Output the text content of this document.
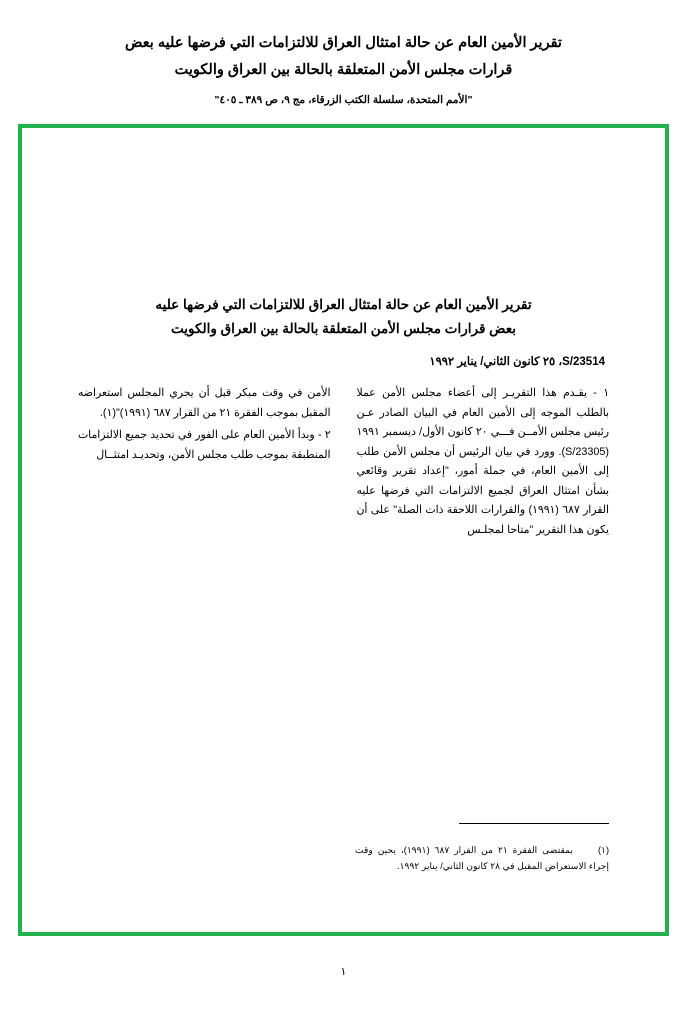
تقرير الأمين العام عن حالة امتثال العراق للالتزامات التي فرضها عليه بعض
قرارات مجلس الأمن المتعلقة بالحالة بين العراق والكويت
"الأمم المتحدة، سلسلة الكتب الزرقاء، مج ٩، ص ٣٨٩ ـ ٤٠٥"
تقرير الأمين العام عن حالة امتثال العراق للالتزامات التي فرضها عليه
بعض قرارات مجلس الأمن المتعلقة بالحالة بين العراق والكويت
S/23514، ٢٥ كانون الثاني/ يناير ١٩٩٢

١ - يقـدم هذا التقريـر إلى أعضاء مجلس الأمن عملا بالطلب الموجه إلى الأمين العام في البيان الصادر عـن رئيس مجلس الأمــن فـــي ٢٠ كانون الأول/ ديسمبر ١٩٩١ (S/23305). وورد في بيان الرئيس أن مجلس الأمن طلب إلى الأمين العام، في جملة أمور، "إعداد تقرير وقائعي بشأن امتثال العراق لجميع الالتزامات التي فرضها عليه القرار ٦٨٧ (١٩٩١) والقرارات اللاحقة ذات الصلة" على أن يكون هذا التقرير "متاحا لمجلـس

الأمن في وقت مبكر قبل أن يجري المجلس استعراضه المقبل بموجب الفقرة ٢١ من القرار ٦٨٧ (١٩٩١)"(١).

٢ - وبدأ الأمين العام على الفور في تحديد جميع الالتزامات المنطبقة بموجب طلب مجلس الأمن، وتحديـد امتثــال

(١)بمقتضى الفقرة ٢١ من القرار ٦٨٧ (١٩٩١)، يحين وقت إجراء الاستعراض المقبل في ٢٨ كانون الثاني/ يناير ١٩٩٢.
١
